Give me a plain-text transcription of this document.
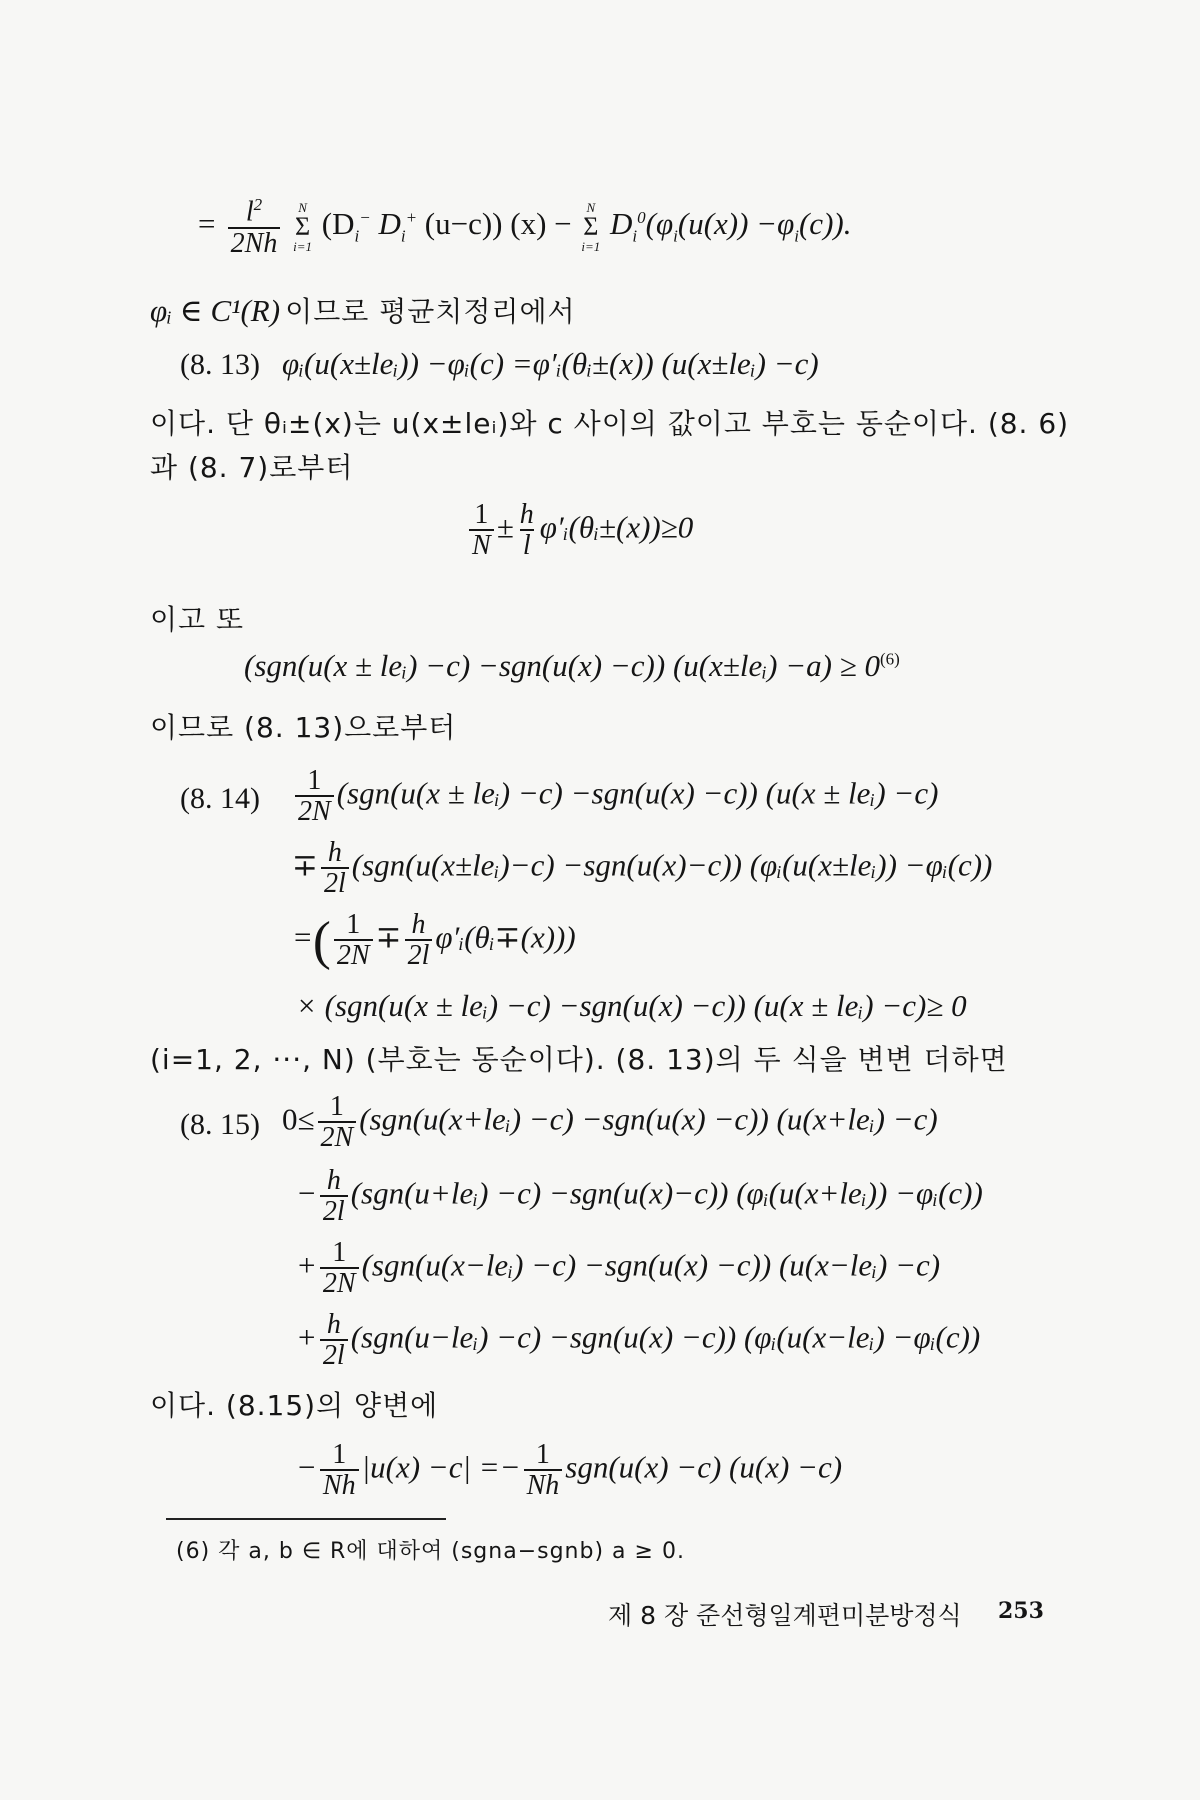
= $\frac{l^2}{2Nh}$
N
Σ
i=1
($D_i^-$ $D_i^+$ (u−c)) (x) − N
Σ
i=1
$D_i^0(\varphi_i(u(x)) -\varphi_i(c))$.
φᵢ ∈ C¹(R) 이므로 평균치정리에서
(8. 13) φᵢ(u(x±leᵢ)) −φᵢ(c) =φ′ᵢ(θᵢ±(x)) (u(x±leᵢ) −c)
이다. 단 θᵢ±(x)는 u(x±leᵢ)와 c 사이의 값이고 부호는 동순이다. (8. 6)
과 (8. 7)로부터
$\frac{1}{N} \pm \frac{h}{l}$ φ′ᵢ(θᵢ±(x))≥0
이고 또
(sgn(u(x ± leᵢ) −c) −sgn(u(x) −c)) (u(x±leᵢ) $-a) \ge 0^{(6)}$
이므로 (8. 13)으로부터
(8. $14) \frac{1}{2N} (sgn(u(x$ ± leᵢ) −c) −sgn(u(x) −c)) (u(x ± leᵢ) −c)
∓ $\frac{h}{2l}$ (sgn(u(x±leᵢ)−c) −sgn(u(x)−c)) (φᵢ(u(x±leᵢ)) −φᵢ(c))
=( $\frac{1}{2N} \mp \frac{h}{2l}$ φ′ᵢ(θᵢ∓(x)))
× (sgn(u(x ± leᵢ) −c) −sgn(u(x) −c)) (u(x ± leᵢ) −c)≥ 0
(i=1, 2, ···, N) (부호는 동순이다). (8. 13)의 두 식을 변변 더하면
(8. 15) $0\le \frac{1}{2N}$ (sgn(u(x+leᵢ) −c) −sgn(u(x) −c)) (u(x+leᵢ) −c)
− $\frac{h}{2l}$ (sgn(u+leᵢ) −c) −sgn(u(x)−c)) (φᵢ(u(x+leᵢ)) −φᵢ(c))
+ $\frac{1}{2N}$ (sgn(u(x−leᵢ) −c) −sgn(u(x) −c)) (u(x−leᵢ) −c)
+ $\frac{h}{2l}$ (sgn(u−leᵢ) −c) −sgn(u(x) −c)) (φᵢ(u(x−leᵢ) −φᵢ(c))
이다. (8.15)의 양변에
− $\frac{1}{Nh} |u(x) -c| =- \frac{1}{Nh} sgn(u(x) -c)$ (u(x) −c)
(6) 각 a, b ∈ R에 대하여 (sgna−sgnb) a ≥ 0.
제 8 장 준선형일계편미분방정식 253
